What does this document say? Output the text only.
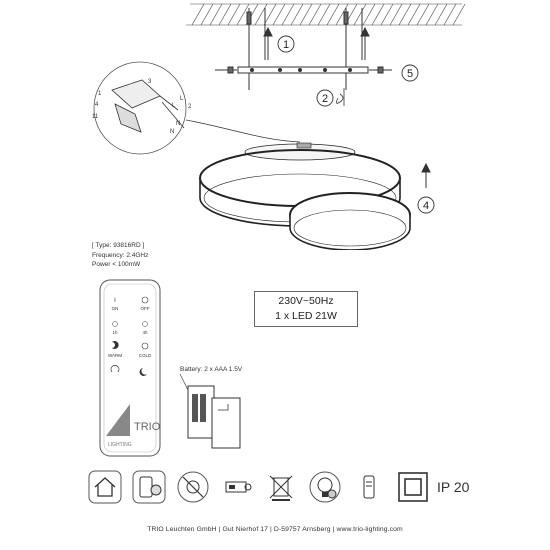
1
2
4
5
L
N
1
2
3
4
11
N
L
[ Type: 93816RD ]
Frequency: 2.4GHz
Power < 100mW
I
ON	OFF
1h	4h
WARM	COLD
TRIO
LIGHTING
Battery: 2 x AAA 1.5V
230V~50Hz
1 x LED 21W
IP 20
TRIO Leuchten GmbH | Gut Nierhof 17 | D-59757 Arnsberg | www.trio-lighting.com
